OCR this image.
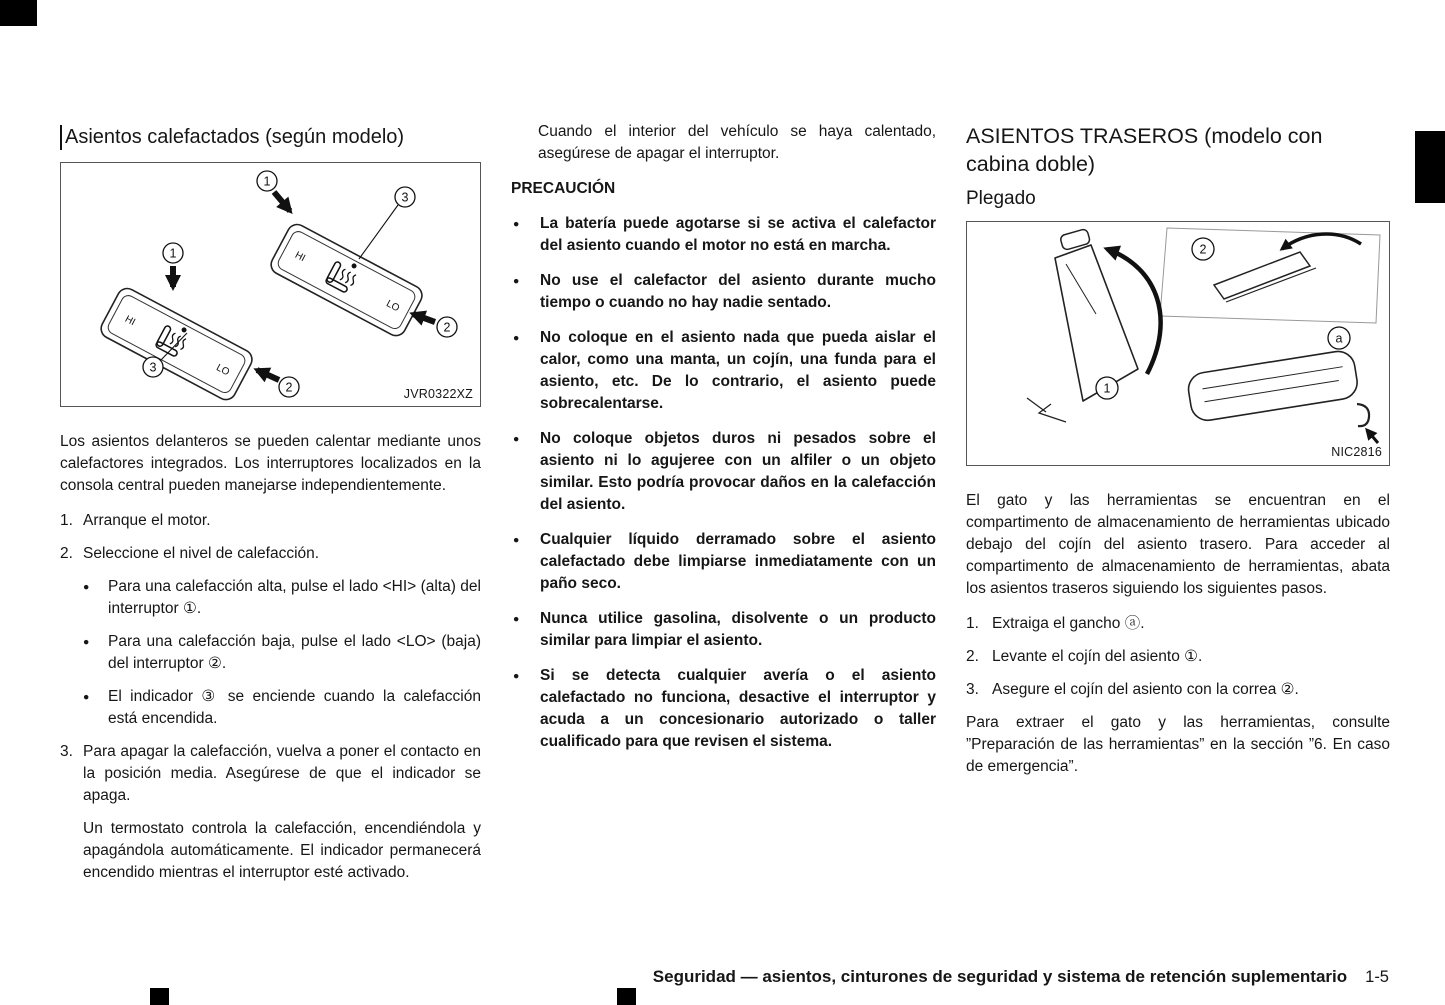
Asientos calefactados (según modelo)
HI
LO
HI
LO
1
3
1
2
3
2	JVR0322XZ

Los asientos delanteros se pueden calentar mediante unos calefactores integrados. Los interruptores localizados en la consola central pueden manejarse independientemente.

1. Arranque el motor.
2. Seleccione el nivel de calefacción.
● Para una calefacción alta, pulse el lado <HI> (alta) del interruptor ①.
● Para una calefacción baja, pulse el lado <LO> (baja) del interruptor ②.
● El indicador ③ se enciende cuando la calefacción está encendida.
3. Para apagar la calefacción, vuelva a poner el contacto en la posición media. Asegúrese de que el indicador se apaga.

Un termostato controla la calefacción, encendiéndola y apagándola automáticamente. El indicador permanecerá encendido mientras el interruptor esté activado.

Cuando el interior del vehículo se haya calentado, asegúrese de apagar el interruptor.

PRECAUCIÓN
● La batería puede agotarse si se activa el calefactor del asiento cuando el motor no está en marcha.
● No use el calefactor del asiento durante mucho tiempo o cuando no hay nadie sentado.
● No coloque en el asiento nada que pueda aislar el calor, como una manta, un cojín, una funda para el asiento, etc. De lo contrario, el asiento puede sobrecalentarse.
● No coloque objetos duros ni pesados sobre el asiento ni lo agujeree con un alfiler o un objeto similar. Esto podría provocar daños en la calefacción del asiento.
● Cualquier líquido derramado sobre el asiento calefactado debe limpiarse inmediatamente con un paño seco.
● Nunca utilice gasolina, disolvente o un producto similar para limpiar el asiento.
● Si se detecta cualquier avería o el asiento calefactado no funciona, desactive el interruptor y acuda a un concesionario autorizado o taller cualificado para que revisen el sistema.
ASIENTOS TRASEROS (modelo con cabina doble)
Plegado
2
1
a
NIC2816

El gato y las herramientas se encuentran en el compartimento de almacenamiento de herramientas ubicado debajo del cojín del asiento trasero. Para acceder al compartimento de almacenamiento de herramientas, abata los asientos traseros siguiendo los siguientes pasos.

1. Extraiga el gancho ⓐ.
2. Levante el cojín del asiento ①.
3. Asegure el cojín del asiento con la correa ②.

Para extraer el gato y las herramientas, consulte ”Preparación de las herramientas” en la sección ”6. En caso de emergencia”.

Seguridad — asientos, cinturones de seguridad y sistema de retención suplementario 1-5
